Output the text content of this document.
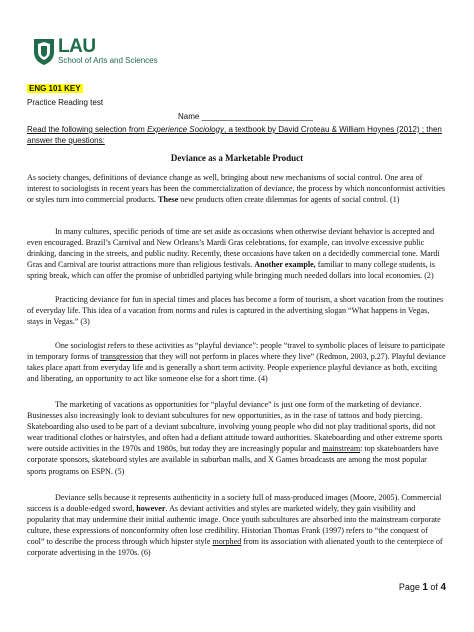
LAU
School of Arts and Sciences
ENG 101 KEY
Practice Reading test
Name _________________________
Read the following selection from Experience Sociology, a textbook by David Croteau & William Hoynes (2012) ; then answer the questions:
Deviance as a Marketable Product

As society changes, definitions of deviance change as well, bringing about new mechanisms of social control. One area of interest to sociologists in recent years has been the commercialization of deviance, the process by which nonconformist activities or styles turn into commercial products. These new products often create dilemmas for agents of social control. (1)

In many cultures, specific periods of time are set aside as occasions when otherwise deviant behavior is accepted and even encouraged. Brazil’s Carnival and New Orleans’s Mardi Gras celebrations, for example, can involve excessive public drinking, dancing in the streets, and public nudity. Recently, these occasions have taken on a decidedly commercial tone. Mardi Gras and Carnival are tourist attractions more than religious festivals. Another example, familiar to many college students, is spring break, which can offer the promise of unbridled partying while bringing much needed dollars into local economies. (2)

Practicing deviance for fun in special times and places has become a form of tourism, a short vacation from the routines of everyday life. This idea of a vacation from norms and rules is captured in the advertising slogan “What happens in Vegas, stays in Vegas.” (3)

One sociologist refers to these activities as “playful deviance”: people “travel to symbolic places of leisure to participate in temporary forms of transgression that they will not perform in places where they live” (Redmon, 2003, p.27). Playful deviance takes place apart from everyday life and is generally a short term activity. People experience playful deviance as both, exciting and liberating, an opportunity to act like someone else for a short time. (4)

The marketing of vacations as opportunities for “playful deviance” is just one form of the marketing of deviance. Businesses also increasingly look to deviant subcultures for new opportunities, as in the case of tattoos and body piercing. Skateboarding also used to be part of a deviant subculture, involving young people who did not play traditional sports, did not wear traditional clothes or hairstyles, and often had a defiant attitude toward authorities. Skateboarding and other extreme sports were outside activities in the 1970s and 1980s, but today they are increasingly popular and mainstream: top skateboarders have corporate sponsors, skateboard styles are available in suburban malls, and X Games broadcasts are among the most popular sports programs on ESPN. (5)

Deviance sells because it represents authenticity in a society full of mass-produced images (Moore, 2005). Commercial success is a double-edged sword, however. As deviant activities and styles are marketed widely, they gain visibility and popularity that may undermine their initial authentic image. Once youth subcultures are absorbed into the mainstream corporate culture, these expressions of nonconformity often lose credibility. Historian Thomas Frank (1997) refers to “the conquest of cool” to describe the process through which hipster style morphed from its association with alienated youth to the centerpiece of corporate advertising in the 1970s. (6)

Page 1 of 4
